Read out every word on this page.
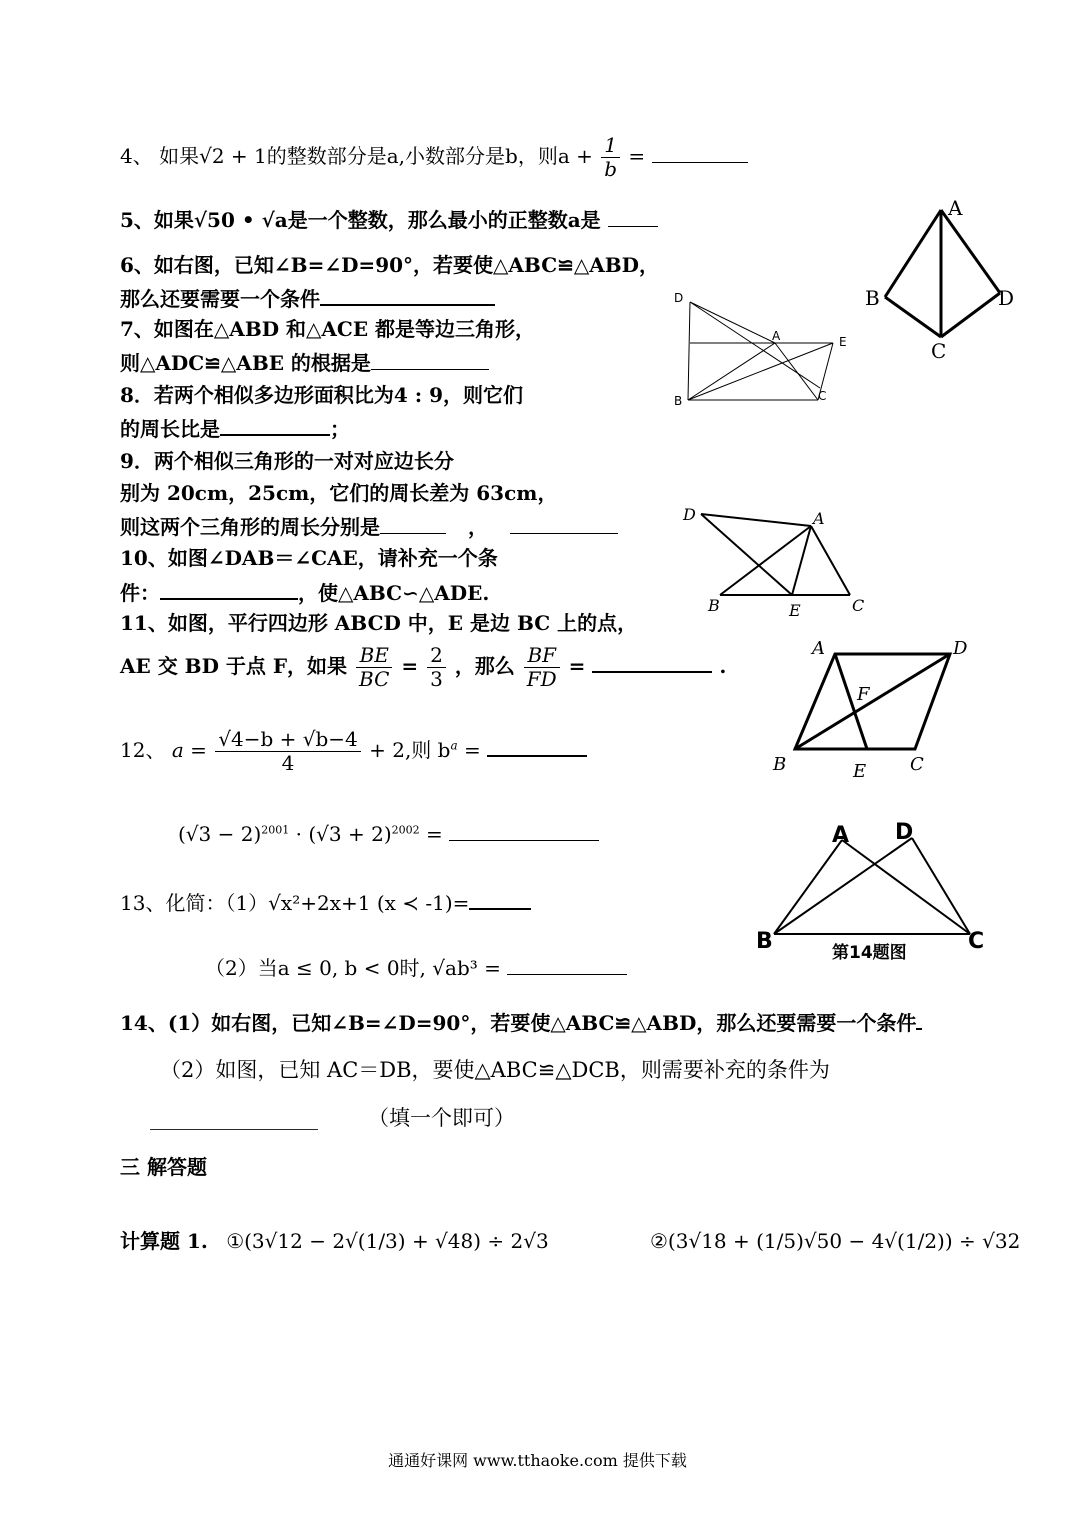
4、 如果√2 + 1的整数部分是a,小数部分是b，则$a + \frac{1}{b}$ =
5、如果√50 • √a是一个整数，那么最小的正整数a是
6、如右图，已知∠B=∠D=90°，若要使△ABC≌△ABD，
那么还要需要一个条件
7、如图在△ABD 和△ACE 都是等边三角形，
则△ADC≌△ABE 的根据是
8．若两个相似多边形面积比为4 : 9，则它们
的周长比是	；
9．两个相似三角形的一对对应边长分
别为 20cm，25cm，它们的周长差为 63cm，
则这两个三角形的周长分别是	，
10、如图∠DAB＝∠CAE，请补充一个条
件：	，使△ABC∽△ADE.
11、如图，平行四边形 ABCD 中，E 是边 BC 上的点，
AE 交 BD 于点 F，如果 $\frac{BE}{BC} = \frac{2}{3}$ ，那么 $\frac{BF}{FD}$ =	.
12、 $a = \frac{√4-b + √b-4}{4} + 2$,则 $b^a$ =
$(√3 - 2)^{2001} \cdot (√3 + 2)^{2002}$ =
13、化简：（1）√x²+2x+1 (x ≺ -1)=
（2）当a ≤ 0, b < 0时, √ab³ =
14、(1）如右图，已知∠B=∠D=90°，若要使△ABC≌△ABD，那么还要需要一个条件
（2）如图，已知 AC＝DB，要使△ABC≌△DCB，则需要补充的条件为
________________ （填一个即可）
三 解答题
计算题 1. ①(3√12 − 2√(1/3) + √48) ÷ 2√3	②(3√18 + (1/5)√50 − 4√(1/2)) ÷ √32
A
B
C
D
D
A	E
B	C
D	A
B	E	C
A	D
F
B	E C
A D
B	C
第14题图
通通好课网 www.tthaoke.com 提供下载
